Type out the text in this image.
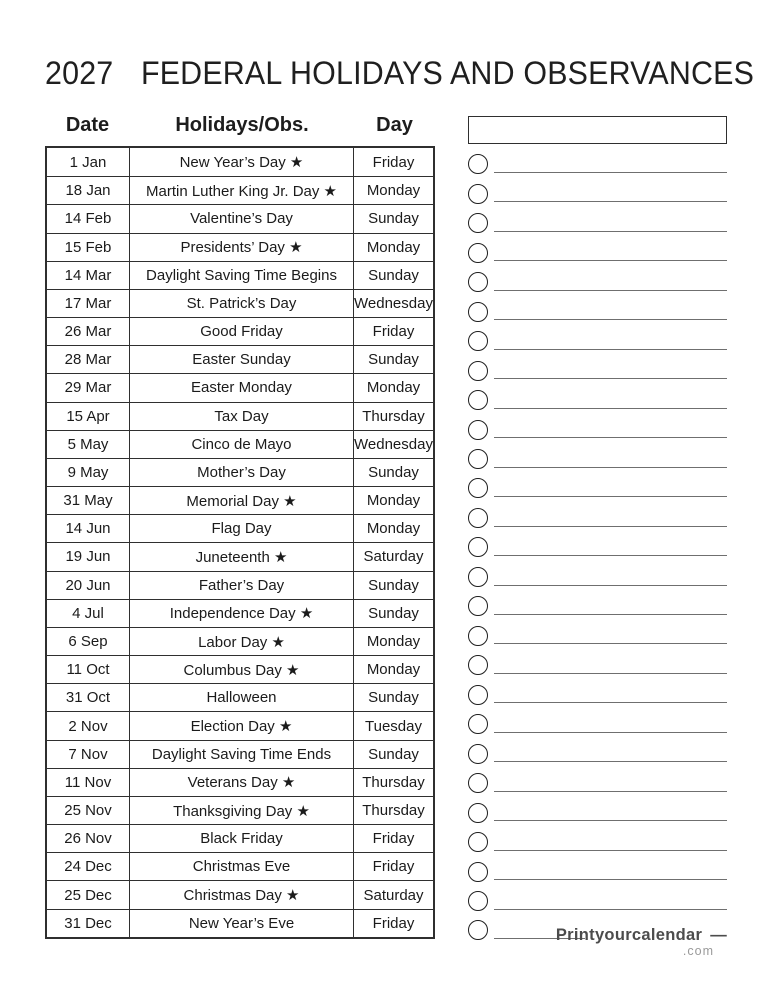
2027 FEDERAL HOLIDAYS AND OBSERVANCES
Date	Holidays/Obs.	Day
1 Jan	New Year’s Day ★	Friday
18 Jan	Martin Luther King Jr. Day ★	Monday
14 Feb	Valentine’s Day	Sunday
15 Feb	Presidents’ Day ★	Monday
14 Mar	Daylight Saving Time Begins	Sunday
17 Mar	St. Patrick’s Day	Wednesday
26 Mar	Good Friday	Friday
28 Mar	Easter Sunday	Sunday
29 Mar	Easter Monday	Monday
15 Apr	Tax Day	Thursday
5 May	Cinco de Mayo	Wednesday
9 May	Mother’s Day	Sunday
31 May	Memorial Day ★	Monday
14 Jun	Flag Day	Monday
19 Jun	Juneteenth ★	Saturday
20 Jun	Father’s Day	Sunday
4 Jul	Independence Day ★	Sunday
6 Sep	Labor Day ★	Monday
11 Oct	Columbus Day ★	Monday
31 Oct	Halloween	Sunday
2 Nov	Election Day ★	Tuesday
7 Nov	Daylight Saving Time Ends	Sunday
11 Nov	Veterans Day ★	Thursday
25 Nov	Thanksgiving Day ★	Thursday
26 Nov	Black Friday	Friday
24 Dec	Christmas Eve	Friday
25 Dec	Christmas Day ★	Saturday
31 Dec	New Year’s Eve	Friday
Printyourcalendar —
.com
